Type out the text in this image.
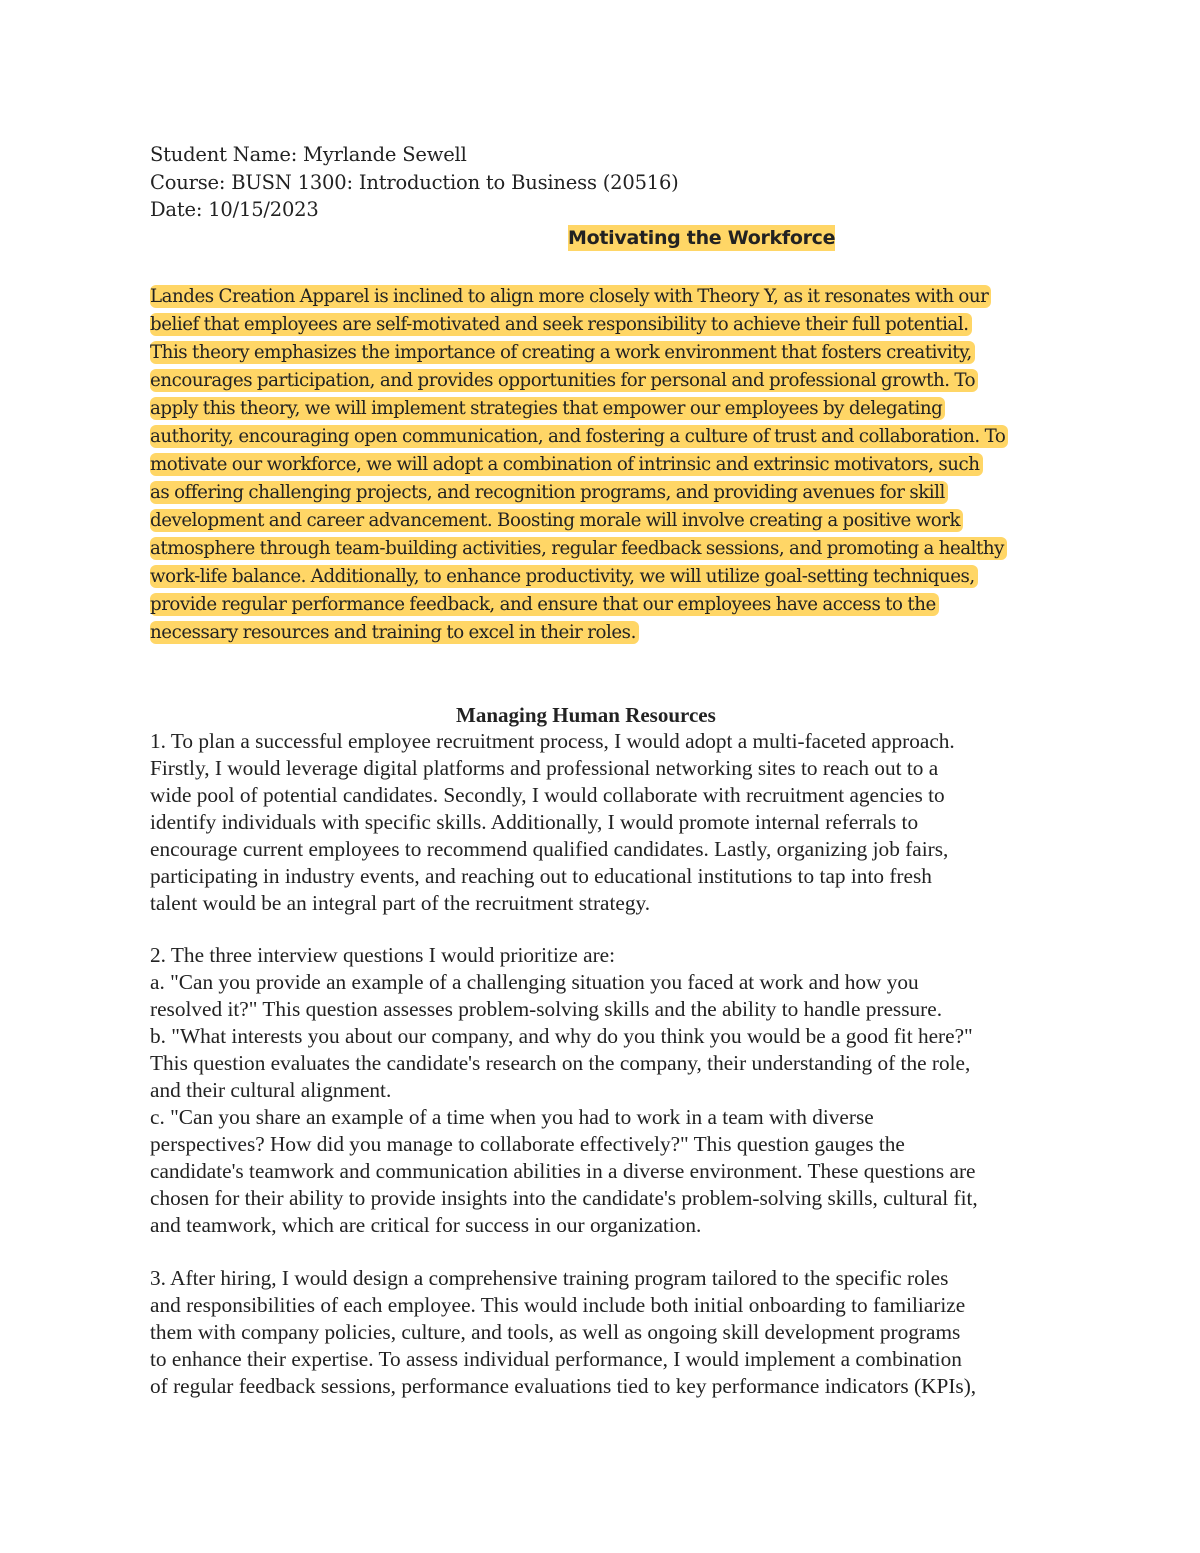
Student Name: Myrlande Sewell
Course: BUSN 1300: Introduction to Business (20516)
Date: 10/15/2023
Motivating the Workforce
Landes Creation Apparel is inclined to align more closely with Theory Y, as it resonates with our
belief that employees are self-motivated and seek responsibility to achieve their full potential.
This theory emphasizes the importance of creating a work environment that fosters creativity,
encourages participation, and provides opportunities for personal and professional growth. To
apply this theory, we will implement strategies that empower our employees by delegating
authority, encouraging open communication, and fostering a culture of trust and collaboration. To
motivate our workforce, we will adopt a combination of intrinsic and extrinsic motivators, such
as offering challenging projects, and recognition programs, and providing avenues for skill
development and career advancement. Boosting morale will involve creating a positive work
atmosphere through team-building activities, regular feedback sessions, and promoting a healthy
work-life balance. Additionally, to enhance productivity, we will utilize goal-setting techniques,
provide regular performance feedback, and ensure that our employees have access to the
necessary resources and training to excel in their roles.
Managing Human Resources
1. To plan a successful employee recruitment process, I would adopt a multi-faceted approach.
Firstly, I would leverage digital platforms and professional networking sites to reach out to a
wide pool of potential candidates. Secondly, I would collaborate with recruitment agencies to
identify individuals with specific skills. Additionally, I would promote internal referrals to
encourage current employees to recommend qualified candidates. Lastly, organizing job fairs,
participating in industry events, and reaching out to educational institutions to tap into fresh
talent would be an integral part of the recruitment strategy.
2. The three interview questions I would prioritize are:
a. "Can you provide an example of a challenging situation you faced at work and how you
resolved it?" This question assesses problem-solving skills and the ability to handle pressure.
b. "What interests you about our company, and why do you think you would be a good fit here?"
This question evaluates the candidate's research on the company, their understanding of the role,
and their cultural alignment.
c. "Can you share an example of a time when you had to work in a team with diverse
perspectives? How did you manage to collaborate effectively?" This question gauges the
candidate's teamwork and communication abilities in a diverse environment. These questions are
chosen for their ability to provide insights into the candidate's problem-solving skills, cultural fit,
and teamwork, which are critical for success in our organization.
3. After hiring, I would design a comprehensive training program tailored to the specific roles
and responsibilities of each employee. This would include both initial onboarding to familiarize
them with company policies, culture, and tools, as well as ongoing skill development programs
to enhance their expertise. To assess individual performance, I would implement a combination
of regular feedback sessions, performance evaluations tied to key performance indicators (KPIs),
